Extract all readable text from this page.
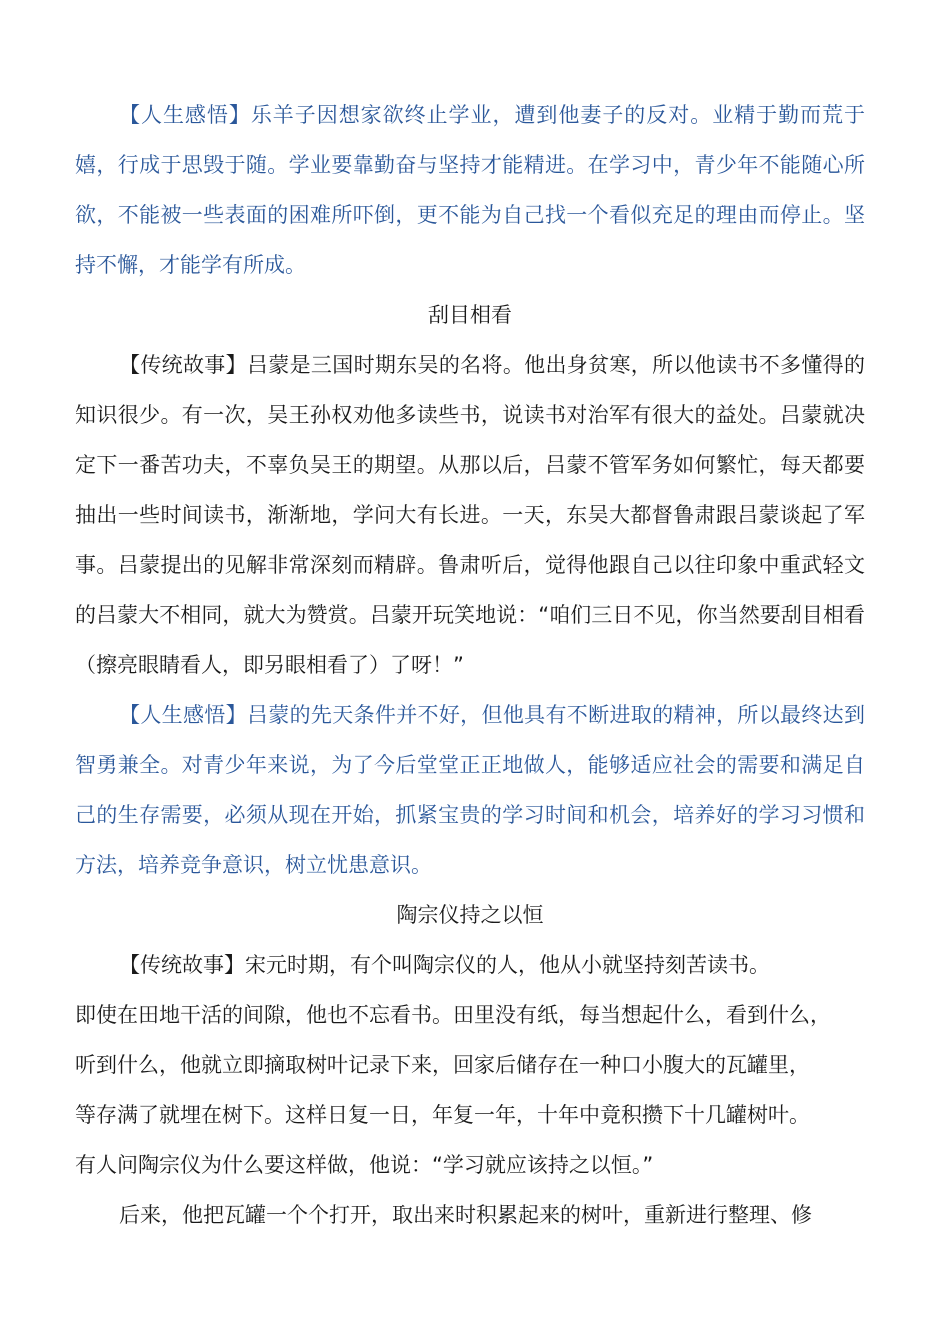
【人生感悟】乐羊子因想家欲终止学业，遭到他妻子的反对。业精于勤而荒于嬉，行成于思毁于随。学业要靠勤奋与坚持才能精进。在学习中，青少年不能随心所欲，不能被一些表面的困难所吓倒，更不能为自己找一个看似充足的理由而停止。坚持不懈，才能学有所成。

刮目相看

【传统故事】吕蒙是三国时期东吴的名将。他出身贫寒，所以他读书不多懂得的知识很少。有一次，吴王孙权劝他多读些书，说读书对治军有很大的益处。吕蒙就决定下一番苦功夫，不辜负吴王的期望。从那以后，吕蒙不管军务如何繁忙，每天都要抽出一些时间读书，渐渐地，学问大有长进。一天，东吴大都督鲁肃跟吕蒙谈起了军事。吕蒙提出的见解非常深刻而精辟。鲁肃听后，觉得他跟自己以往印象中重武轻文的吕蒙大不相同，就大为赞赏。吕蒙开玩笑地说：“咱们三日不见，你当然要刮目相看（擦亮眼睛看人，即另眼相看了）了呀！”

【人生感悟】吕蒙的先天条件并不好，但他具有不断进取的精神，所以最终达到智勇兼全。对青少年来说，为了今后堂堂正正地做人，能够适应社会的需要和满足自己的生存需要，必须从现在开始，抓紧宝贵的学习时间和机会，培养好的学习习惯和方法，培养竞争意识，树立忧患意识。

陶宗仪持之以恒

【传统故事】宋元时期，有个叫陶宗仪的人，他从小就坚持刻苦读书。
即使在田地干活的间隙，他也不忘看书。田里没有纸，每当想起什么，看到什么，
听到什么，他就立即摘取树叶记录下来，回家后储存在一种口小腹大的瓦罐里，
等存满了就埋在树下。这样日复一日，年复一年，十年中竟积攒下十几罐树叶。
有人问陶宗仪为什么要这样做，他说：“学习就应该持之以恒。”

后来，他把瓦罐一个个打开，取出来时积累起来的树叶，重新进行整理、修
